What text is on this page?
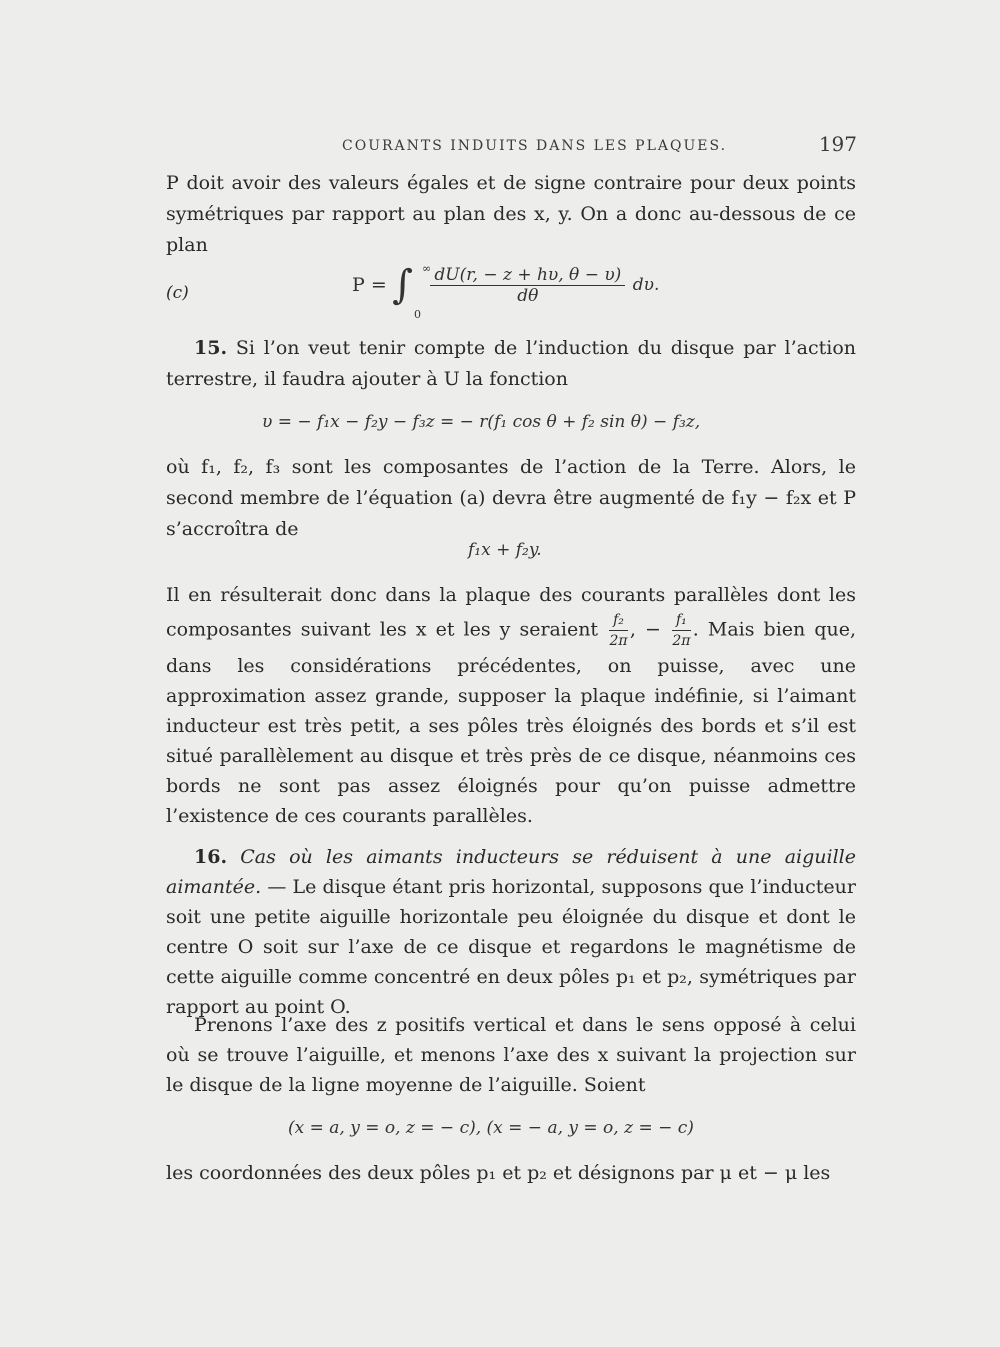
COURANTS INDUITS DANS LES PLAQUES.	197

P doit avoir des valeurs égales et de signe contraire pour deux points symétriques par rapport au plan des x, y. On a donc au-dessous de ce plan

(c)	P = ∫ ∞
0
$\frac{dU(r, - z + h\upsilon, \theta - \upsilon)}{d\theta} d\upsilon$.

15. Si l’on veut tenir compte de l’induction du disque par l’action terrestre, il faudra ajouter à U la fonction

υ = − f₁x − f₂y − f₃z = − r(f₁ cos θ + f₂ sin θ) − f₃z,

où f₁, f₂, f₃ sont les composantes de l’action de la Terre. Alors, le second membre de l’équation (a) devra être augmenté de f₁y − f₂x et P s’accroîtra de

f₁x + f₂y.

Il en résulterait donc dans la plaque des courants parallèles dont les composantes suivant les x et les y seraient $\frac{\text{f₂}}{2\pi}$ , − $\frac{\text{f₁}}{2\pi}$ . Mais bien que, dans les considérations précédentes, on puisse, avec une approximation assez grande, supposer la plaque indéfinie, si l’aimant inducteur est très petit, a ses pôles très éloignés des bords et s’il est situé parallèlement au disque et très près de ce disque, néanmoins ces bords ne sont pas assez éloignés pour qu’on puisse admettre l’existence de ces courants parallèles.

16. Cas où les aimants inducteurs se réduisent à une aiguille aimantée. — Le disque étant pris horizontal, supposons que l’inducteur soit une petite aiguille horizontale peu éloignée du disque et dont le centre O soit sur l’axe de ce disque et regardons le magnétisme de cette aiguille comme concentré en deux pôles p₁ et p₂, symétriques par rapport au point O.

Prenons l’axe des z positifs vertical et dans le sens opposé à celui où se trouve l’aiguille, et menons l’axe des x suivant la projection sur le disque de la ligne moyenne de l’aiguille. Soient

(x = a, y = o, z = − c), (x = − a, y = o, z = − c)

les coordonnées des deux pôles p₁ et p₂ et désignons par μ et − μ les
